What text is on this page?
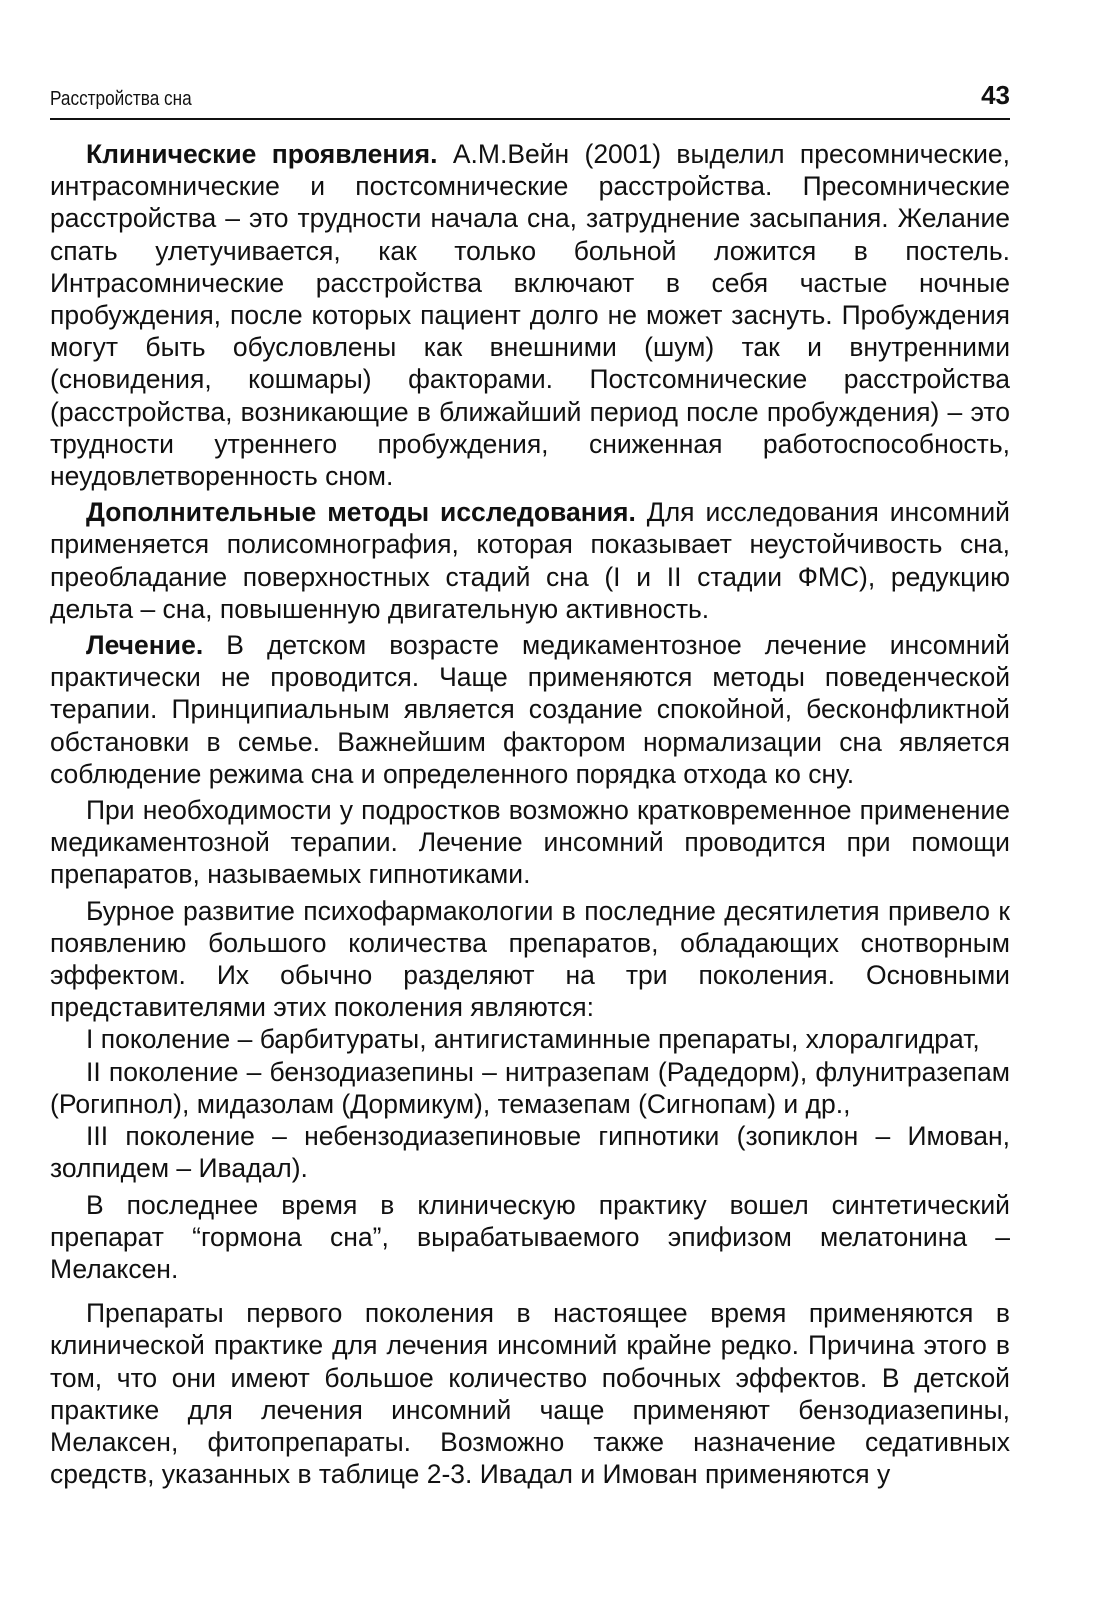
Расстройства сна	43

Клинические проявления. А.М.Вейн (2001) выделил пресомнические, интрасомнические и постсомнические расстройства. Пресомнические расстройства – это трудности начала сна, затруднение засыпания. Желание спать улетучивается, как только больной ложится в постель. Интрасомнические расстройства включают в себя частые ночные пробуждения, после которых пациент долго не может заснуть. Пробуждения могут быть обусловлены как внешними (шум) так и внутренними (сновидения, кошмары) факторами. Постсомнические расстройства (расстройства, возникающие в ближайший период после пробуждения) – это трудности утреннего пробуждения, сниженная работоспособность, неудовлетворенность сном.

Дополнительные методы исследования. Для исследования инсомний применяется полисомнография, которая показывает неустойчивость сна, преобладание поверхностных стадий сна (I и II стадии ФМС), редукцию дельта – сна, повышенную двигательную активность.

Лечение. В детском возрасте медикаментозное лечение инсомний практически не проводится. Чаще применяются методы поведенческой терапии. Принципиальным является создание спокойной, бесконфликтной обстановки в семье. Важнейшим фактором нормализации сна является соблюдение режима сна и определенного порядка отхода ко сну.

При необходимости у подростков возможно кратковременное применение медикаментозной терапии. Лечение инсомний проводится при помощи препаратов, называемых гипнотиками.

Бурное развитие психофармакологии в последние десятилетия привело к появлению большого количества препаратов, обладающих снотворным эффектом. Их обычно разделяют на три поколения. Основными представителями этих поколения являются:

I поколение – барбитураты, антигистаминные препараты, хлоралгидрат,

II поколение – бензодиазепины – нитразепам (Радедорм), флунитразепам (Рогипнол), мидазолам (Дормикум), темазепам (Сигнопам) и др.,

III поколение – небензодиазепиновые гипнотики (зопиклон – Имован, золпидем – Ивадал).

В последнее время в клиническую практику вошел синтетический препарат “гормона сна”, вырабатываемого эпифизом мелатонина – Мелаксен.

Препараты первого поколения в настоящее время применяются в клинической практике для лечения инсомний крайне редко. Причина этого в том, что они имеют большое количество побочных эффектов. В детской практике для лечения инсомний чаще применяют бензодиазепины, Мелаксен, фитопрепараты. Возможно также назначение седативных средств, указанных в таблице 2-3. Ивадал и Имован применяются у
